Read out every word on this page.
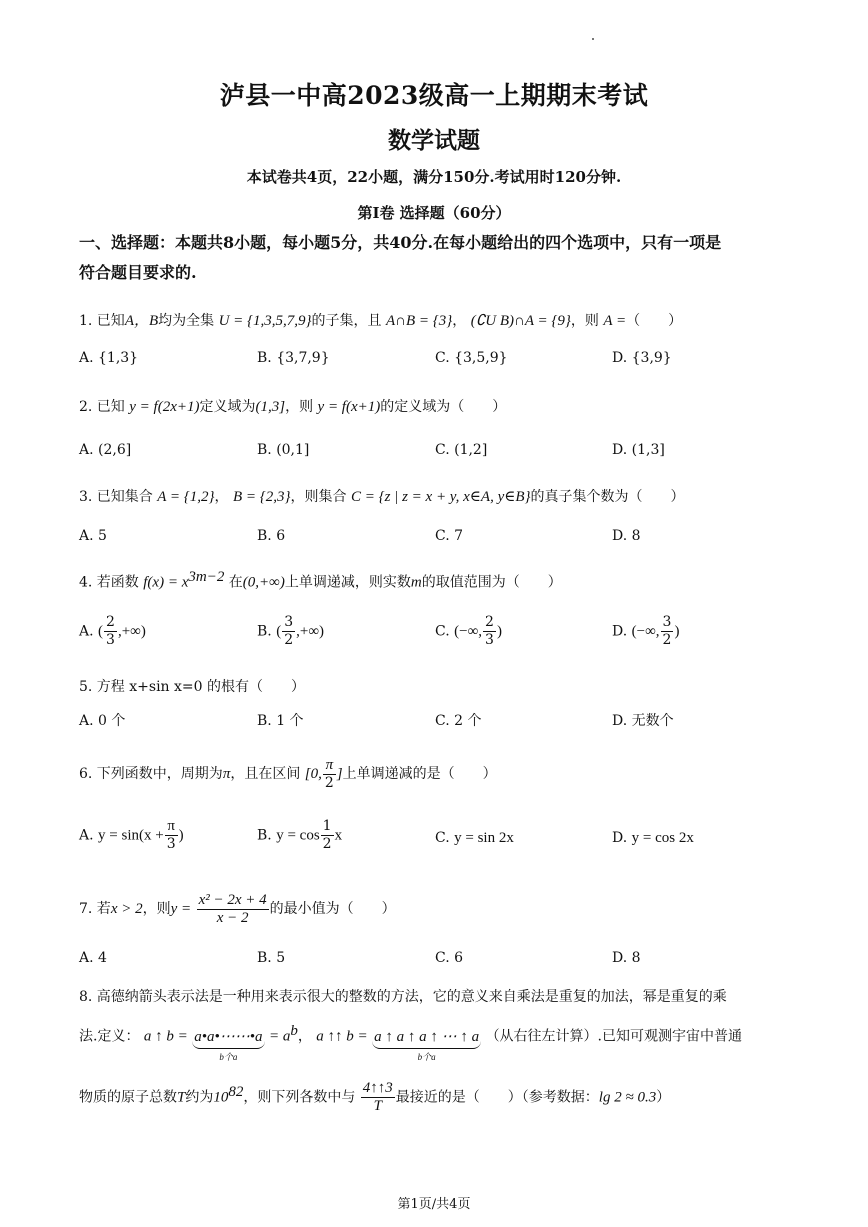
泸县一中高2023级高一上期期末考试
数学试题
本试卷共4页，22小题，满分150分.考试用时120分钟.
第I卷 选择题（60分）
一、选择题：本题共8小题，每小题5分，共40分.在每小题给出的四个选项中，只有一项是
符合题目要求的.
1. 已知A，B均为全集 U = {1,3,5,7,9}的子集，且 A∩B = {3}， (∁U B)∩A = {9}，则 A =（　　）
A. {1,3}	B. {3,7,9}	C. {3,5,9}	D. {3,9}
2. 已知 y = f(2x+1)定义域为(1,3]，则 y = f(x+1)的定义域为（　　）
A. (2,6]	B. (0,1]	C. (1,2]	D. (1,3]
3. 已知集合 A = {1,2}， B = {2,3}，则集合 C = {z | z = x + y, x∈A, y∈B}的真子集个数为（　　）
A. 5	B. 6	C. 7	D. 8
4. 若函数 $f(x) = x^{3m-2}$ 在(0,+∞)上单调递减，则实数m的取值范围为（　　）
A. ( $\frac{2}{3}$ ,+∞)	B. ( $\frac{3}{2}$ ,+∞)	C. (−∞, $\frac{2}{3}$ )	D. (−∞, $\frac{3}{2}$ )
5. 方程 x+sin x=0 的根有（　　）
A. 0 个	B. 1 个	C. 2 个	D. 无数个
6. 下列函数中，周期为π，且在区间 [0, $\frac{\pi}{2}$ ]上单调递减的是（　　）
A. $y = \sin(x + \frac{\pi}{3}$ )	B. $y = \cos \frac{1}{2}$ x	C. y = sin 2x	D. y = cos 2x
7. 若x > 2，则$y = \frac{\text{x² − 2x + 4}}{x - 2}$ 的最小值为（　　）
A. 4	B. 5	C. 6	D. 8
8. 高德纳箭头表示法是一种用来表示很大的整数的方法，它的意义来自乘法是重复的加法，幂是重复的乘
法.定义： a ↑ b = a•a•⋯⋯•a
b个a
= $a^b$， a ↑↑ b = a ↑ a ↑ a ↑ ⋯ ↑ a
b个a
（从右往左计算）.已知可观测宇宙中普通
物质的原子总数T约为$10^{82}$，则下列各数中与 $\frac{4↑↑3}{T}$ 最接近的是（　　）（参考数据：lg 2 ≈ 0.3）
第1页/共4页
